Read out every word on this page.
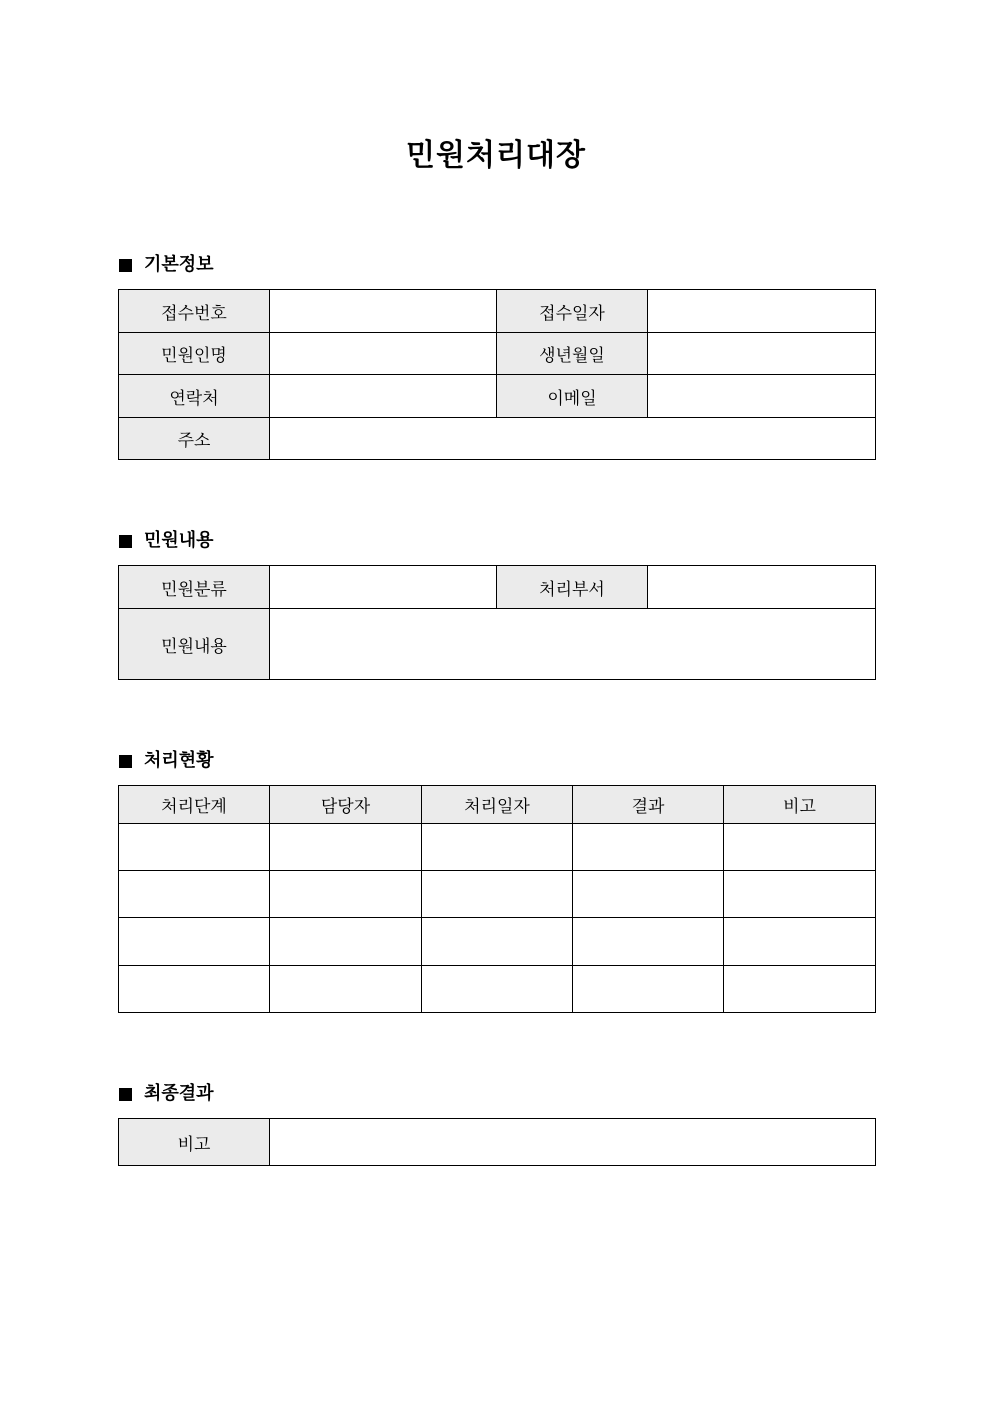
민원처리대장
기본정보
접수번호		접수일자	
민원인명		생년월일	
연락처		이메일	
주소			
민원내용
민원분류		처리부서	
민원내용			
처리현황
처리단계	담당자	처리일자	결과	비고

최종결과
비고	
